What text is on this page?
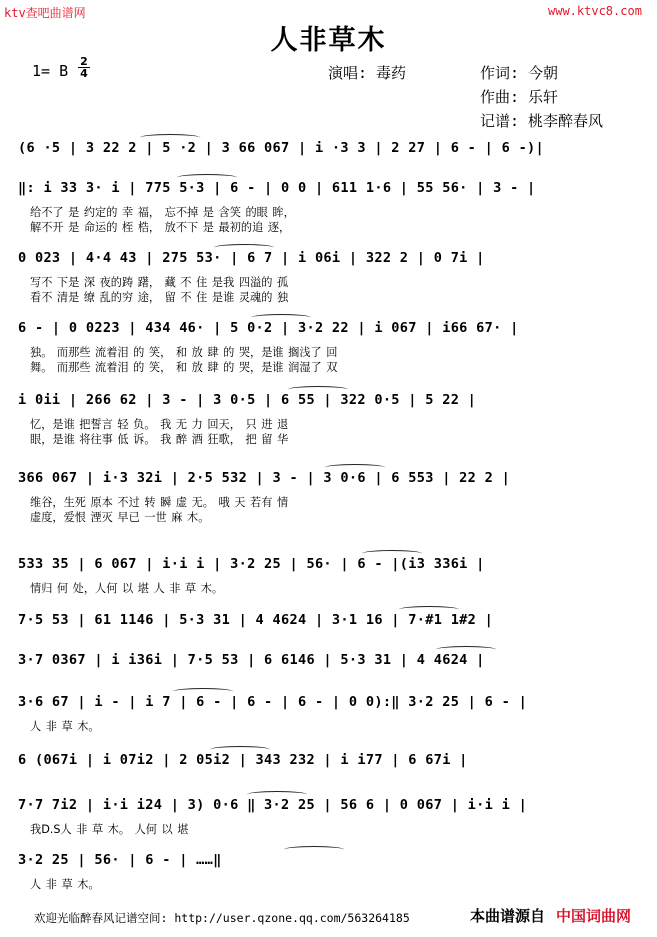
ktv查吧曲谱网	www.ktvc8.com
人非草木
1= B
2
4	演唱: 毒药	作词: 今朝
作曲: 乐轩
记谱: 桃李醉春风
(6 ·5 | 3 22 2 | 5 ·2 | 3 66 067 | i ·3 3 | 2 27 | 6 - | 6 -)|
‖: i 33 3· i | 775 5·3 | 6 - | 0 0 | 611 1·6 | 55 56· | 3 - |
给不了 是 约定的 幸 福， 忘不掉 是 含笑 的眼 眸，
解不开 是 命运的 桎 梏， 放不下 是 最初的追 逐，
0 023 | 4·4 43 | 275 53· | 6 7 | i 06i | 322 2 | 0 7i |
写不 下是 深 夜的踌 躇， 藏 不 住 是我 四溢的 孤
看不 清是 缭 乱的穷 途， 留 不 住 是谁 灵魂的 独
6 - | 0 0223 | 434 46· | 5 0·2 | 3·2 22 | i 067 | i66 67· |
独。 而那些 流着泪 的 笑， 和 放 肆 的 哭，是谁 搁浅了 回
舞。 而那些 流着泪 的 笑， 和 放 肆 的 哭，是谁 润湿了 双
i 0ii | 266 62 | 3 - | 3 0·5 | 6 55 | 322 0·5 | 5 22 |
忆，是谁 把誓言 轻 负。 我 无 力 回天， 只 进 退
眼，是谁 将往事 低 诉。 我 醉 酒 狂歌， 把 留 华
366 067 | i·3 32i | 2·5 532 | 3 - | 3 0·6 | 6 553 | 22 2 |
维谷，生死 原本 不过 转 瞬 虚 无。 哦 天 若有 情
虚度，爱恨 湮灭 早已 一世 麻 木。
533 35 | 6 067 | i·i i | 3·2 25 | 56· | 6 - |(i3 336i |
情归 何 处，人何 以 堪 人 非 草 木。
7·5 53 | 61 1146 | 5·3 31 | 4 4624 | 3·1 16 | 7·#1 1#2 |
3·7 0367 | i i36i | 7·5 53 | 6 6146 | 5·3 31 | 4 4624 |
3·6 67 | i - | i 7 | 6 - | 6 - | 6 - | 0 0):‖ 3·2 25 | 6 - |
人 非 草 木。
6 (067i | i 07i2 | 2 05i2 | 343 232 | i i77 | 6 67i |
7·7 7i2 | i·i i24 | 3) 0·6 ‖ 3·2 25 | 56 6 | 0 067 | i·i i |
我D.S人 非 草 木。 人何 以 堪
3·2 25 | 56· | 6 - | ……‖
人 非 草 木。
欢迎光临醉春风记谱空间: http://user.qzone.qq.com/563264185	本曲谱源自 中国词曲网
